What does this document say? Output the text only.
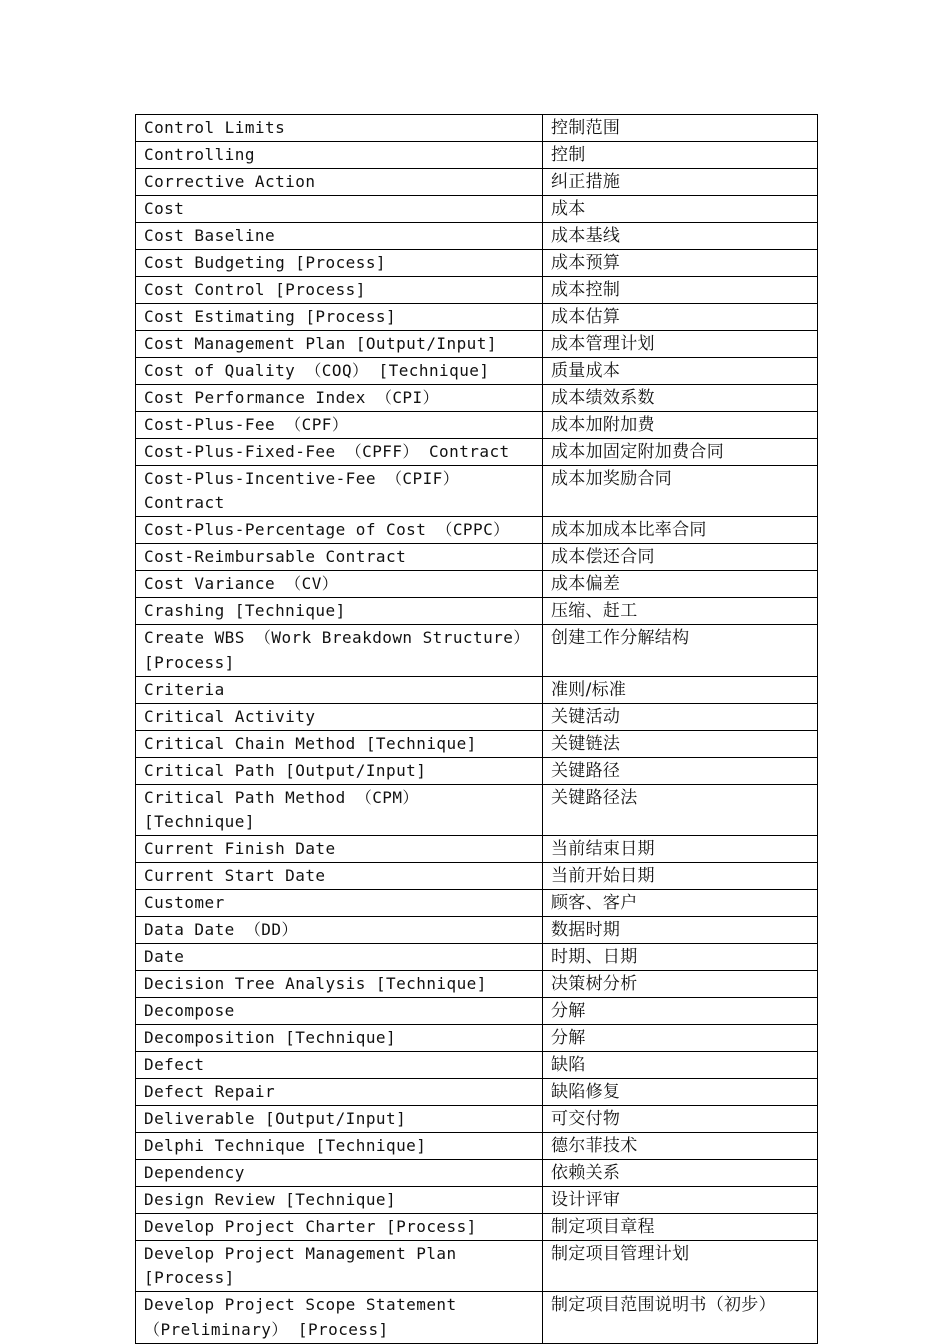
Control Limits	控制范围
Controlling	控制
Corrective Action	纠正措施
Cost	成本
Cost Baseline	成本基线
Cost Budgeting [Process]	成本预算
Cost Control [Process]	成本控制
Cost Estimating [Process]	成本估算
Cost Management Plan [Output/Input]	成本管理计划
Cost of Quality （COQ） [Technique]	质量成本
Cost Performance Index （CPI）	成本绩效系数
Cost-Plus-Fee （CPF）	成本加附加费
Cost-Plus-Fixed-Fee （CPFF） Contract	成本加固定附加费合同
Cost-Plus-Incentive-Fee （CPIF） Contract	成本加奖励合同
Cost-Plus-Percentage of Cost （CPPC）	成本加成本比率合同
Cost-Reimbursable Contract	成本偿还合同
Cost Variance （CV）	成本偏差
Crashing [Technique]	压缩、赶工
Create WBS （Work Breakdown Structure） [Process]	创建工作分解结构
Criteria	准则/标准
Critical Activity	关键活动
Critical Chain Method [Technique]	关键链法
Critical Path [Output/Input]	关键路径
Critical Path Method （CPM） [Technique]	关键路径法
Current Finish Date	当前结束日期
Current Start Date	当前开始日期
Customer	顾客、客户
Data Date （DD）	数据时期
Date	时期、日期
Decision Tree Analysis [Technique]	决策树分析
Decompose	分解
Decomposition [Technique]	分解
Defect	缺陷
Defect Repair	缺陷修复
Deliverable [Output/Input]	可交付物
Delphi Technique [Technique]	德尔菲技术
Dependency	依赖关系
Design Review [Technique]	设计评审
Develop Project Charter [Process]	制定项目章程
Develop Project Management Plan [Process]	制定项目管理计划
Develop Project Scope Statement （Preliminary） [Process]	制定项目范围说明书（初步）
